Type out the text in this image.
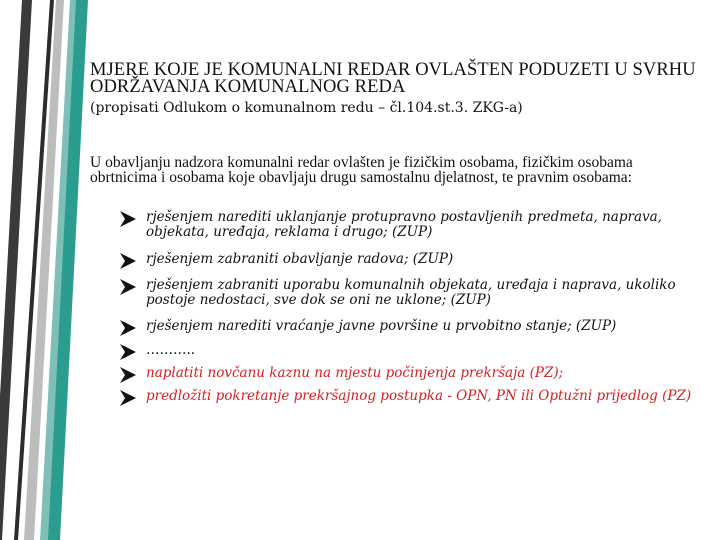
MJERE KOJE JE KOMUNALNI REDAR OVLAŠTEN PODUZETI U SVRHU ODRŽAVANJA KOMUNALNOG REDA

(propisati Odlukom o komunalnom redu – čl.104.st.3. ZKG-a)

U obavljanju nadzora komunalni redar ovlašten je fizičkim osobama, fizičkim osobama obrtnicima i osobama koje obavljaju drugu samostalnu djelatnost, te pravnim osobama:

rješenjem narediti uklanjanje protupravno postavljenih predmeta, naprava, objekata, uređaja, reklama i drugo; (ZUP)
rješenjem zabraniti obavljanje radova; (ZUP)
rješenjem zabraniti uporabu komunalnih objekata, uređaja i naprava, ukoliko postoje nedostaci, sve dok se oni ne uklone; (ZUP)
rješenjem narediti vraćanje javne površine u prvobitno stanje; (ZUP)
………..
naplatiti novčanu kaznu na mjestu počinjenja prekršaja (PZ);
predložiti pokretanje prekršajnog postupka - OPN, PN ili Optužni prijedlog (PZ)
